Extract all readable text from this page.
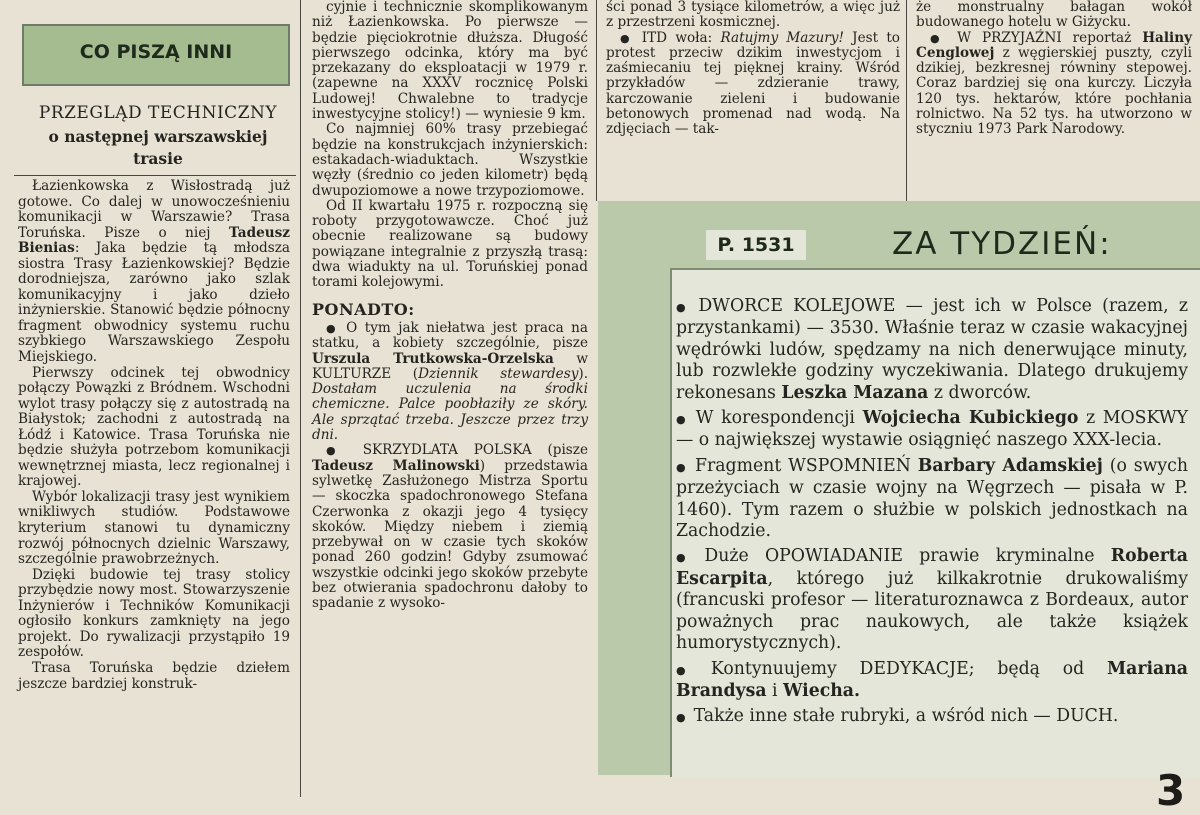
CO PISZĄ INNI
PRZEGLĄD TECHNICZNY
o następnej warszawskiej
trasie

Łazienkowska z Wisłostradą już gotowe. Co dalej w unowocześnieniu komunikacji w Warszawie? Trasa Toruńska. Pisze o niej Tadeusz Bienias: Jaka będzie tą młodsza siostra Trasy Łazienkowskiej? Będzie dorodniejsza, zarówno jako szlak komunikacyjny i jako dzieło inżynierskie. Stanowić będzie północny fragment obwodnicy systemu ruchu szybkiego Warszawskiego Zespołu Miejskiego.

Pierwszy odcinek tej obwodnicy połączy Powązki z Bródnem. Wschodni wylot trasy połączy się z autostradą na Białystok; zachodni z autostradą na Łódź i Katowice. Trasa Toruńska nie będzie służyła potrzebom komunikacji wewnętrznej miasta, lecz regionalnej i krajowej.

Wybór lokalizacji trasy jest wynikiem wnikliwych studiów. Podstawowe kryterium stanowi tu dynamiczny rozwój północnych dzielnic Warszawy, szczególnie prawobrzeżnych.

Dzięki budowie tej trasy stolicy przybędzie nowy most. Stowarzyszenie Inżynierów i Techników Komunikacji ogłosiło konkurs zamknięty na jego projekt. Do rywalizacji przystąpiło 19 zespołów.

Trasa Toruńska będzie dziełem jeszcze bardziej konstruk-

cyjnie i technicznie skomplikowanym niż Łazienkowska. Po pierwsze — będzie pięciokrotnie dłuższa. Długość pierwszego odcinka, który ma być przekazany do eksploatacji w 1979 r. (zapewne na XXXV rocznicę Polski Ludowej! Chwalebne to tradycje inwestycyjne stolicy!) — wyniesie 9 km.

Co najmniej 60% trasy przebiegać będzie na konstrukcjach inżynierskich: estakadach-wiaduktach. Wszystkie węzły (średnio co jeden kilometr) będą dwupoziomowe a nowe trzypoziomowe.

Od II kwartału 1975 r. rozpoczną się roboty przygotowawcze. Choć już obecnie realizowane są budowy powiązane integralnie z przyszłą trasą: dwa wiadukty na ul. Toruńskiej ponad torami kolejowymi.

PONADTO:

● O tym jak niełatwa jest praca na statku, a kobiety szczególnie, pisze Urszula Trutkowska-Orzelska w KULTURZE (Dziennik stewardesy). Dostałam uczulenia na środki chemiczne. Palce poobłaziły ze skóry. Ale sprzątać trzeba. Jeszcze przez trzy dni.

● SKRZYDLATA POLSKA (pisze Tadeusz Malinowski) przedstawia sylwetkę Zasłużonego Mistrza Sportu — skoczka spadochronowego Stefana Czerwonka z okazji jego 4 tysięcy skoków. Między niebem i ziemią przebywał on w czasie tych skoków ponad 260 godzin! Gdyby zsumować wszystkie odcinki jego skoków przebyte bez otwierania spadochronu dałoby to spadanie z wysoko-

ści ponad 3 tysiące kilometrów, a więc już z przestrzeni kosmicznej.

● ITD woła: Ratujmy Mazury! Jest to protest przeciw dzikim inwestycjom i zaśmiecaniu tej pięknej krainy. Wśród przykładów — zdzieranie trawy, karczowanie zieleni i budowanie betonowych promenad nad wodą. Na zdjęciach — tak-

że monstrualny bałagan wokół budowanego hotelu w Giżycku.

● W PRZYJAŹNI reportaż Haliny Cenglowej z węgierskiej puszty, czyli dzikiej, bezkresnej równiny stepowej. Coraz bardziej się ona kurczy. Liczyła 120 tys. hektarów, które pochłania rolnictwo. Na 52 tys. ha utworzono w styczniu 1973 Park Narodowy.

P. 1531	ZA TYDZIEŃ:

● DWORCE KOLEJOWE — jest ich w Polsce (razem, z przystankami) — 3530. Właśnie teraz w czasie wakacyjnej wędrówki ludów, spędzamy na nich denerwujące minuty, lub rozwlekłe godziny wyczekiwania. Dlatego drukujemy rekonesans Leszka Mazana z dworców.

● W korespondencji Wojciecha Kubickiego z MOSKWY — o największej wystawie osiągnięć naszego XXX-lecia.

● Fragment WSPOMNIEŃ Barbary Adamskiej (o swych przeżyciach w czasie wojny na Węgrzech — pisała w P. 1460). Tym razem o służbie w polskich jednostkach na Zachodzie.

● Duże OPOWIADANIE prawie kryminalne Roberta Escarpita, którego już kilkakrotnie drukowaliśmy (francuski profesor — literaturoznawca z Bordeaux, autor poważnych prac naukowych, ale także książek humorystycznych).

● Kontynuujemy DEDYKACJE; będą od Mariana Brandysa i Wiecha.

● Także inne stałe rubryki, a wśród nich — DUCH.

3
